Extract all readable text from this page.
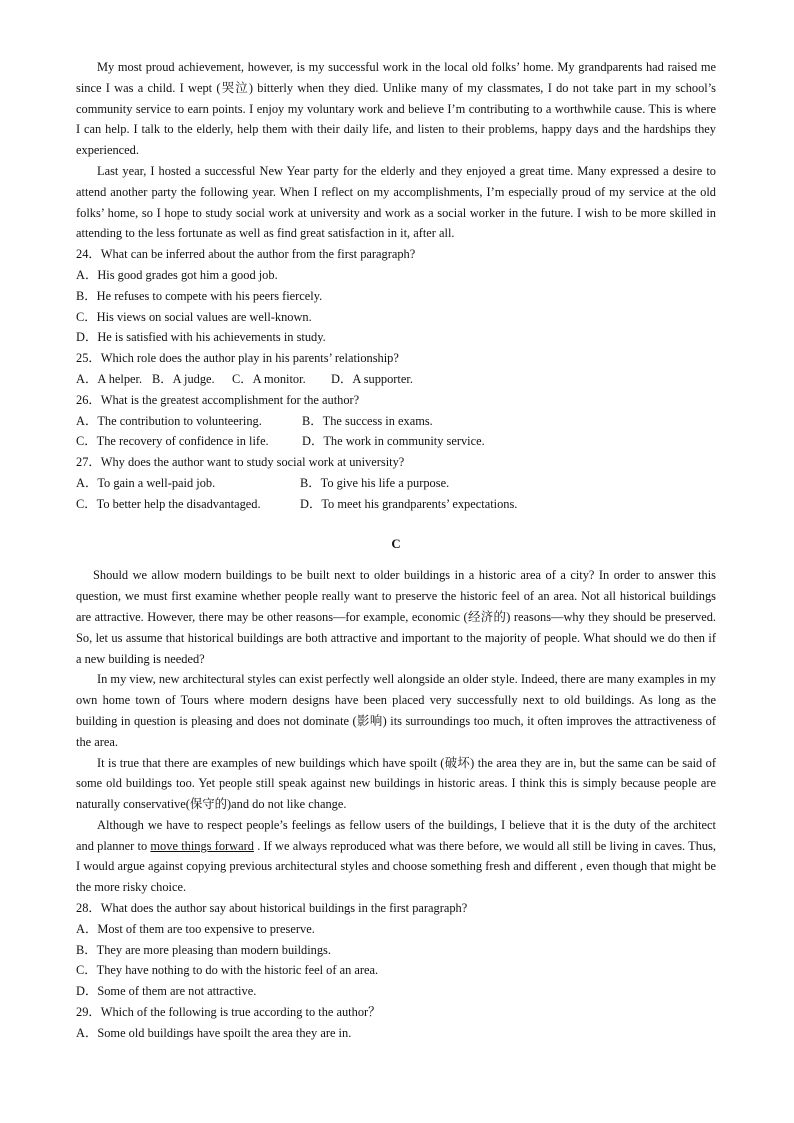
My most proud achievement, however, is my successful work in the local old folks’ home. My grandparents had raised me since I was a child. I wept (哭泣) bitterly when they died. Unlike many of my classmates, I do not take part in my school’s community service to earn points. I enjoy my voluntary work and believe I’m contributing to a worthwhile cause. This is where I can help. I talk to the elderly, help them with their daily life, and listen to their problems, happy days and the hardships they experienced.

Last year, I hosted a successful New Year party for the elderly and they enjoyed a great time. Many expressed a desire to attend another party the following year. When I reflect on my accomplishments, I’m especially proud of my service at the old folks’ home, so I hope to study social work at university and work as a social worker in the future. I wish to be more skilled in attending to the less fortunate as well as find great satisfaction in it, after all.

24．What can be inferred about the author from the first paragraph?

A．His good grades got him a good job.

B．He refuses to compete with his peers fiercely.

C．His views on social values are well-known.

D．He is satisfied with his achievements in study.

25．Which role does the author play in his parents’ relationship?

A．A helper. B．A judge. C．A monitor. D．A supporter.

26．What is the greatest accomplishment for the author?

A．The contribution to volunteering.	B．The success in exams.
C．The recovery of confidence in life.	D．The work in community service.

27．Why does the author want to study social work at university?

A．To gain a well-paid job.	B．To give his life a purpose.
C．To better help the disadvantaged.	D．To meet his grandparents’ expectations.
C

Should we allow modern buildings to be built next to older buildings in a historic area of a city? In order to answer this question, we must first examine whether people really want to preserve the historic feel of an area. Not all historical buildings are attractive. However, there may be other reasons—for example, economic (经济的) reasons—why they should be preserved. So, let us assume that historical buildings are both attractive and important to the majority of people. What should we do then if a new building is needed?

In my view, new architectural styles can exist perfectly well alongside an older style. Indeed, there are many examples in my own home town of Tours where modern designs have been placed very successfully next to old buildings. As long as the building in question is pleasing and does not dominate (影响) its surroundings too much, it often improves the attractiveness of the area.

It is true that there are examples of new buildings which have spoilt (破坏) the area they are in, but the same can be said of some old buildings too. Yet people still speak against new buildings in historic areas. I think this is simply because people are naturally conservative(保守的)and do not like change.

Although we have to respect people’s feelings as fellow users of the buildings, I believe that it is the duty of the architect and planner to move things forward . If we always reproduced what was there before, we would all still be living in caves. Thus, I would argue against copying previous architectural styles and choose something fresh and different , even though that might be the more risky choice.

28．What does the author say about historical buildings in the first paragraph?

A．Most of them are too expensive to preserve.

B．They are more pleasing than modern buildings.

C．They have nothing to do with the historic feel of an area.

D．Some of them are not attractive.

29．Which of the following is true according to the author？

A．Some old buildings have spoilt the area they are in.
